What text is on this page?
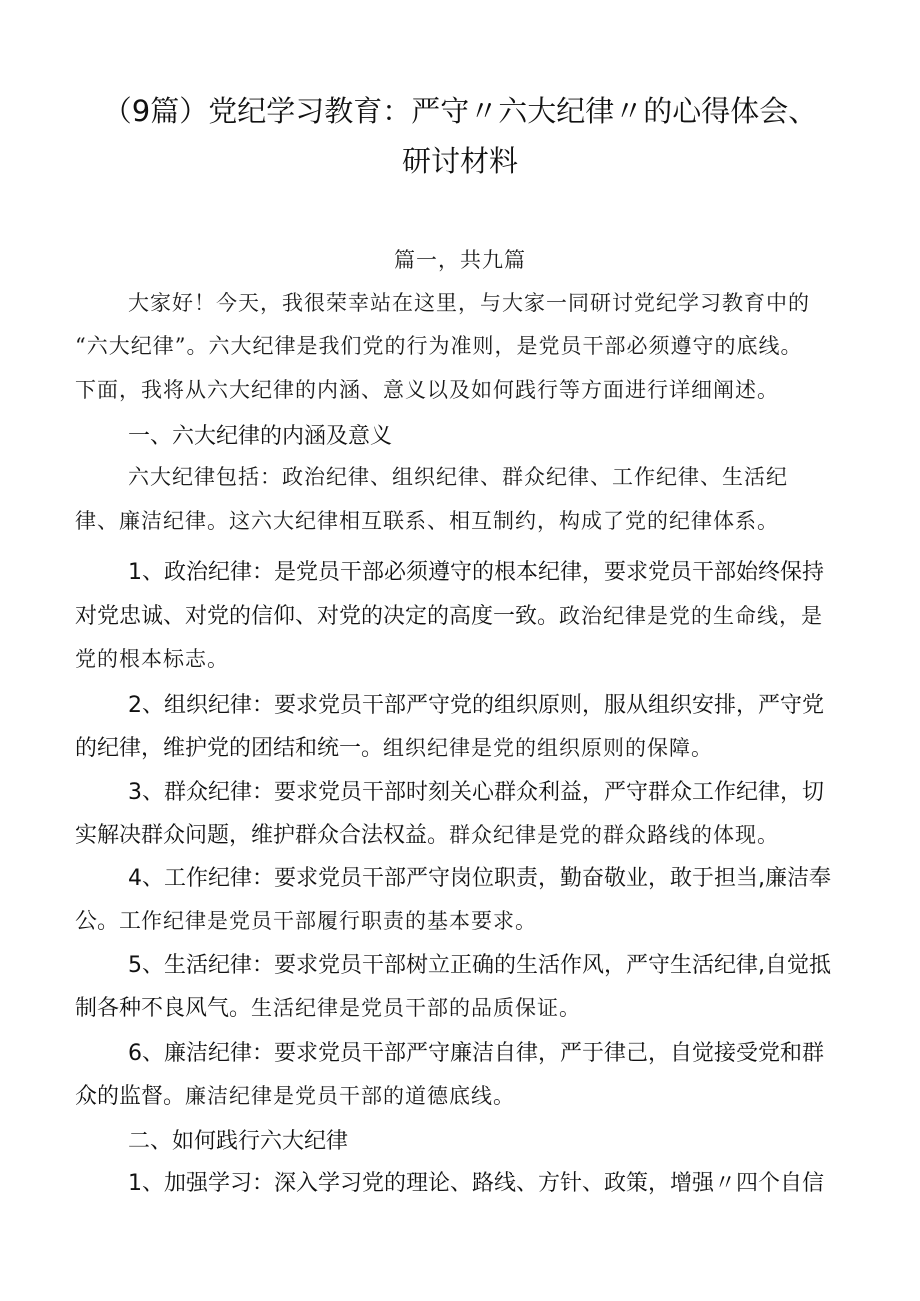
（9篇）党纪学习教育：严守〃六大纪律〃的心得体会、
研讨材料
篇一，共九篇
大家好！今天，我很荣幸站在这里，与大家一同研讨党纪学习教育中的
“六大纪律”。六大纪律是我们党的行为准则，是党员干部必须遵守的底线。
下面，我将从六大纪律的内涵、意义以及如何践行等方面进行详细阐述。
一、六大纪律的内涵及意义
六大纪律包括：政治纪律、组织纪律、群众纪律、工作纪律、生活纪
律、廉洁纪律。这六大纪律相互联系、相互制约，构成了党的纪律体系。
1、政治纪律：是党员干部必须遵守的根本纪律，要求党员干部始终保持
对党忠诚、对党的信仰、对党的决定的高度一致。政治纪律是党的生命线，是
党的根本标志。
2、组织纪律：要求党员干部严守党的组织原则，服从组织安排，严守党
的纪律，维护党的团结和统一。组织纪律是党的组织原则的保障。
3、群众纪律：要求党员干部时刻关心群众利益，严守群众工作纪律，切
实解决群众问题，维护群众合法权益。群众纪律是党的群众路线的体现。
4、工作纪律：要求党员干部严守岗位职责，勤奋敬业，敢于担当,廉洁奉
公。工作纪律是党员干部履行职责的基本要求。
5、生活纪律：要求党员干部树立正确的生活作风，严守生活纪律,自觉抵
制各种不良风气。生活纪律是党员干部的品质保证。
6、廉洁纪律：要求党员干部严守廉洁自律，严于律己，自觉接受党和群
众的监督。廉洁纪律是党员干部的道德底线。
二、如何践行六大纪律
1、加强学习：深入学习党的理论、路线、方针、政策，增强〃四个自信
